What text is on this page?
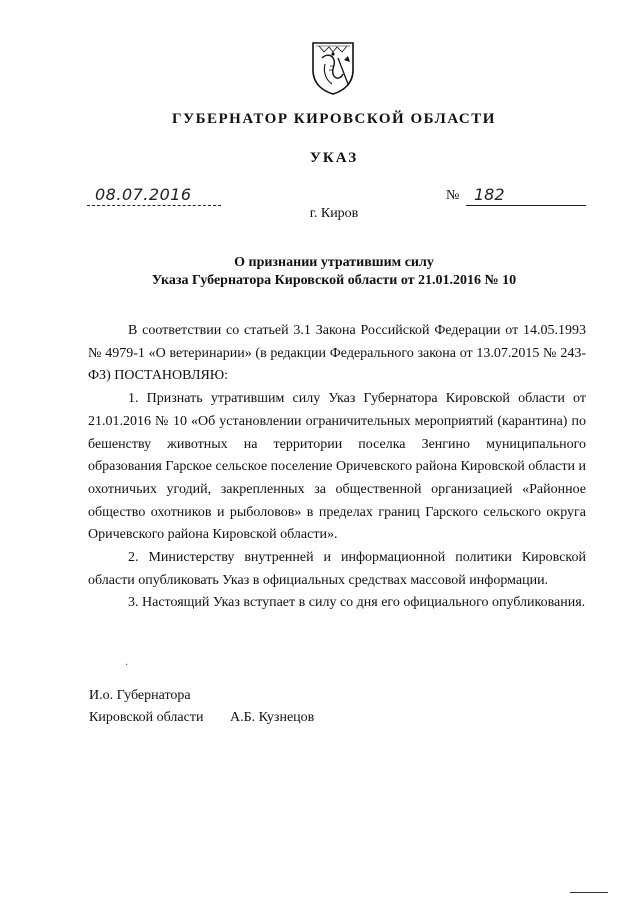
ГУБЕРНАТОР КИРОВСКОЙ ОБЛАСТИ
УКАЗ
08.07.2016	№ 182
г. Киров
О признании утратившим силу
Указа Губернатора Кировской области от 21.01.2016 № 10

В соответствии со статьей 3.1 Закона Российской Федерации от 14.05.1993 № 4979-1 «О ветеринарии» (в редакции Федерального закона от 13.07.2015 № 243-ФЗ) ПОСТАНОВЛЯЮ:

1. Признать утратившим силу Указ Губернатора Кировской области от 21.01.2016 № 10 «Об установлении ограничительных мероприятий (карантина) по бешенству животных на территории поселка Зенгино муниципального образования Гарское сельское поселение Оричевского района Кировской области и охотничьих угодий, закрепленных за общественной организацией «Районное общество охотников и рыболовов» в пределах границ Гарского сельского округа Оричевского района Кировской области».

2. Министерству внутренней и информационной политики Кировской области опубликовать Указ в официальных средствах массовой информации.

3. Настоящий Указ вступает в силу со дня его официального опубликования.

·
И.о. Губернатора
Кировской области А.Б. Кузнецов
